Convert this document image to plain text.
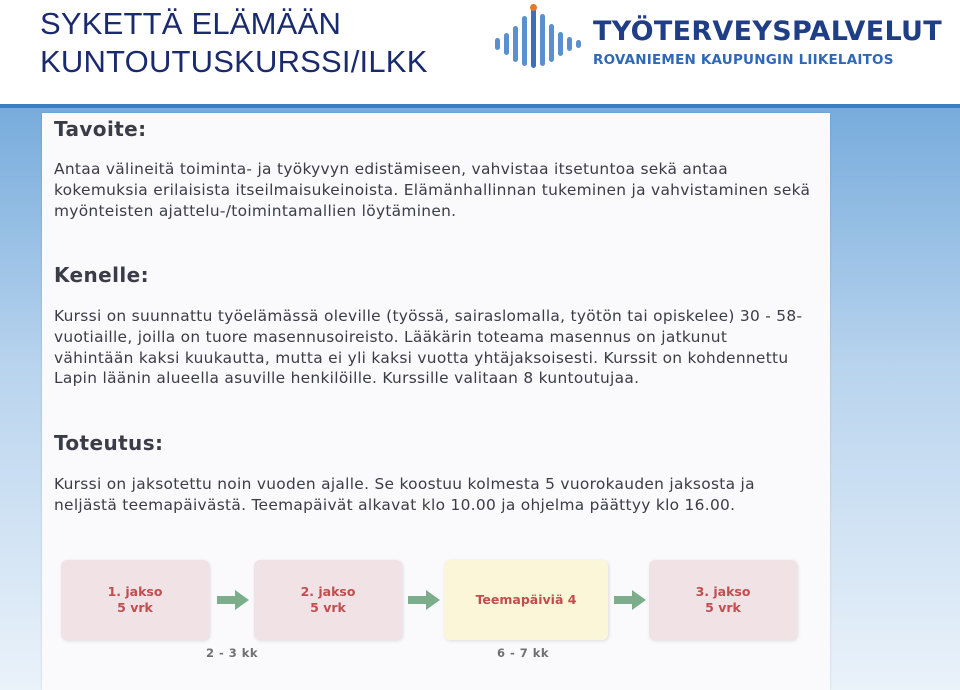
SYKETTÄ ELÄMÄÄN
KUNTOUTUSKURSSI/ILKK
TYÖTERVEYSPALVELUT
ROVANIEMEN KAUPUNGIN LIIKELAITOS
Tavoite:

Antaa välineitä toiminta- ja työkyvyn edistämiseen, vahvistaa itsetuntoa sekä antaa kokemuksia erilaisista itseilmaisukeinoista. Elämänhallinnan tukeminen ja vahvistaminen sekä myönteisten ajattelu-/toimintamallien löytäminen.

Kenelle:

Kurssi on suunnattu työelämässä oleville (työssä, sairaslomalla, työtön tai opiskelee) 30 - 58-vuotiaille, joilla on tuore masennusoireisto. Lääkärin toteama masennus on jatkunut vähintään kaksi kuukautta, mutta ei yli kaksi vuotta yhtäjaksoisesti. Kurssit on kohdennettu Lapin läänin alueella asuville henkilöille. Kurssille valitaan 8 kuntoutujaa.

Toteutus:

Kurssi on jaksotettu noin vuoden ajalle. Se koostuu kolmesta 5 vuorokauden jaksosta ja neljästä teemapäivästä. Teemapäivät alkavat klo 10.00 ja ohjelma päättyy klo 16.00.

1. jakso
5 vrk
2. jakso
5 vrk
Teemapäiviä 4
3. jakso
5 vrk
2 - 3 kk	6 - 7 kk
